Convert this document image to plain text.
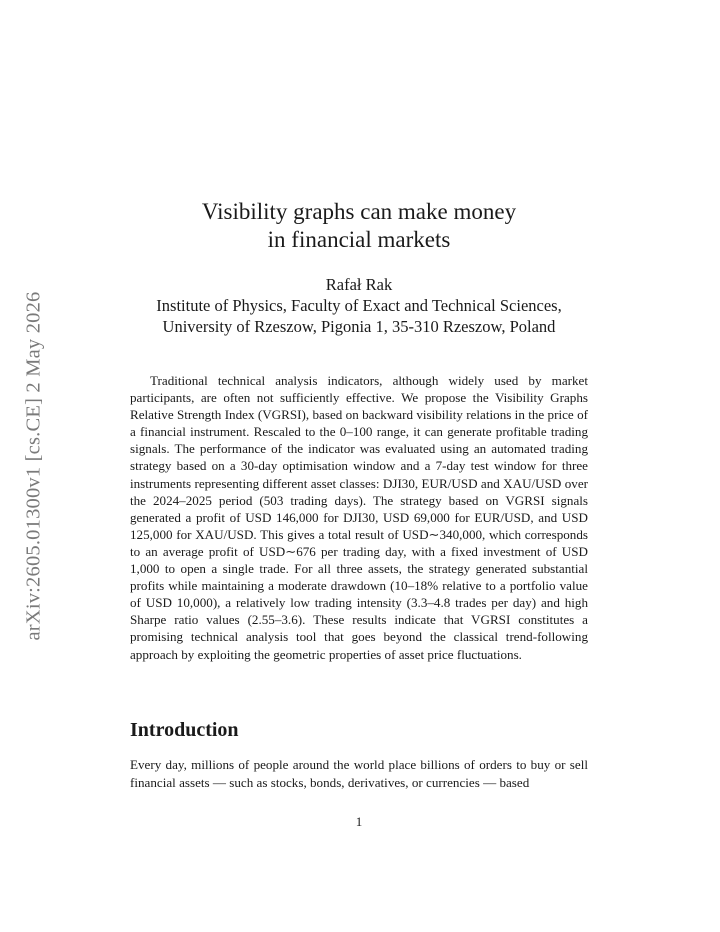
arXiv:2605.01300v1 [cs.CE] 2 May 2026
Visibility graphs can make money
in financial markets
Rafał Rak
Institute of Physics, Faculty of Exact and Technical Sciences,
University of Rzeszow, Pigonia 1, 35-310 Rzeszow, Poland

Traditional technical analysis indicators, although widely used by market participants, are often not sufficiently effective. We propose the Visibility Graphs Relative Strength Index (VGRSI), based on backward visibility relations in the price of a financial instrument. Rescaled to the 0–100 range, it can generate profitable trading signals. The performance of the indicator was evaluated using an automated trading strategy based on a 30-day optimisation window and a 7-day test window for three instruments representing different asset classes: DJI30, EUR/USD and XAU/USD over the 2024–2025 period (503 trading days). The strategy based on VGRSI signals generated a profit of USD 146,000 for DJI30, USD 69,000 for EUR/USD, and USD 125,000 for XAU/USD. This gives a total result of USD∼340,000, which corresponds to an average profit of USD∼676 per trading day, with a fixed investment of USD 1,000 to open a single trade. For all three assets, the strategy generated substantial profits while maintaining a moderate drawdown (10–18% relative to a portfolio value of USD 10,000), a relatively low trading intensity (3.3–4.8 trades per day) and high Sharpe ratio values (2.55–3.6). These results indicate that VGRSI constitutes a promising technical analysis tool that goes beyond the classical trend-following approach by exploiting the geometric properties of asset price fluctuations.

Introduction

Every day, millions of people around the world place billions of orders to buy or sell financial assets — such as stocks, bonds, derivatives, or currencies — based

1
